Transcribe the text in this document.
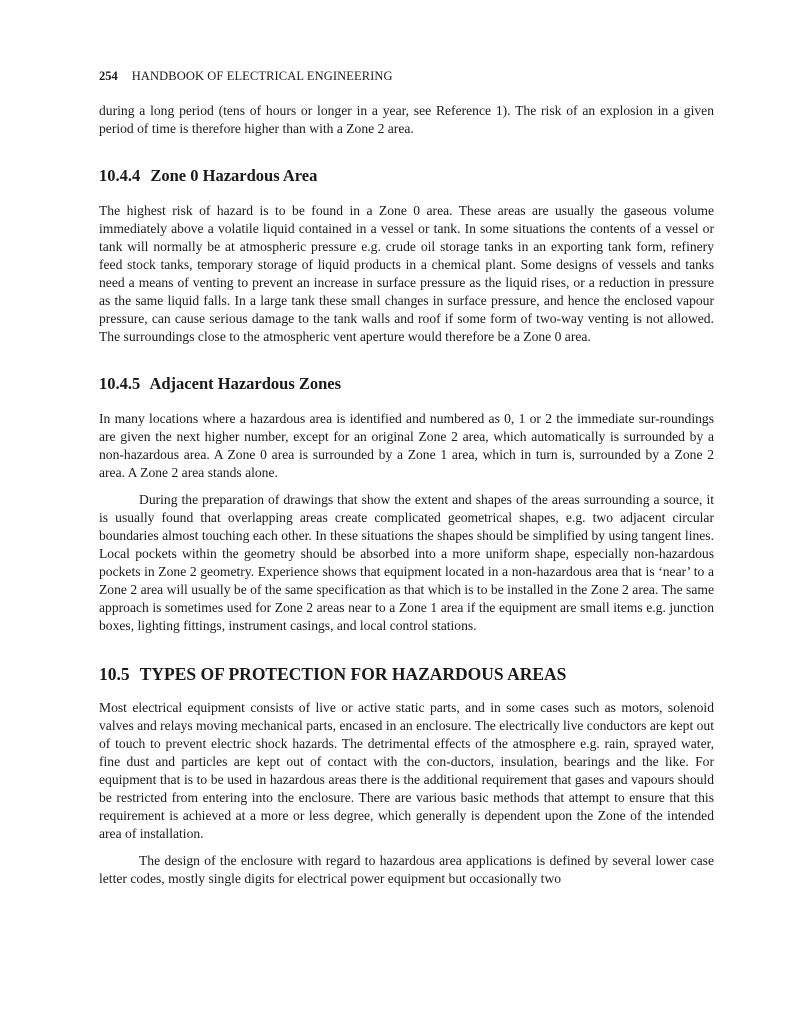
254 HANDBOOK OF ELECTRICAL ENGINEERING

during a long period (tens of hours or longer in a year, see Reference 1). The risk of an explosion in a given period of time is therefore higher than with a Zone 2 area.

10.4.4 Zone 0 Hazardous Area

The highest risk of hazard is to be found in a Zone 0 area. These areas are usually the gaseous volume immediately above a volatile liquid contained in a vessel or tank. In some situations the contents of a vessel or tank will normally be at atmospheric pressure e.g. crude oil storage tanks in an exporting tank form, refinery feed stock tanks, temporary storage of liquid products in a chemical plant. Some designs of vessels and tanks need a means of venting to prevent an increase in surface pressure as the liquid rises, or a reduction in pressure as the same liquid falls. In a large tank these small changes in surface pressure, and hence the enclosed vapour pressure, can cause serious damage to the tank walls and roof if some form of two-way venting is not allowed. The surroundings close to the atmospheric vent aperture would therefore be a Zone 0 area.

10.4.5 Adjacent Hazardous Zones

In many locations where a hazardous area is identified and numbered as 0, 1 or 2 the immediate sur-roundings are given the next higher number, except for an original Zone 2 area, which automatically is surrounded by a non-hazardous area. A Zone 0 area is surrounded by a Zone 1 area, which in turn is, surrounded by a Zone 2 area. A Zone 2 area stands alone.

During the preparation of drawings that show the extent and shapes of the areas surrounding a source, it is usually found that overlapping areas create complicated geometrical shapes, e.g. two adjacent circular boundaries almost touching each other. In these situations the shapes should be simplified by using tangent lines. Local pockets within the geometry should be absorbed into a more uniform shape, especially non-hazardous pockets in Zone 2 geometry. Experience shows that equipment located in a non-hazardous area that is ‘near’ to a Zone 2 area will usually be of the same specification as that which is to be installed in the Zone 2 area. The same approach is sometimes used for Zone 2 areas near to a Zone 1 area if the equipment are small items e.g. junction boxes, lighting fittings, instrument casings, and local control stations.

10.5 TYPES OF PROTECTION FOR HAZARDOUS AREAS

Most electrical equipment consists of live or active static parts, and in some cases such as motors, solenoid valves and relays moving mechanical parts, encased in an enclosure. The electrically live conductors are kept out of touch to prevent electric shock hazards. The detrimental effects of the atmosphere e.g. rain, sprayed water, fine dust and particles are kept out of contact with the con-ductors, insulation, bearings and the like. For equipment that is to be used in hazardous areas there is the additional requirement that gases and vapours should be restricted from entering into the enclosure. There are various basic methods that attempt to ensure that this requirement is achieved at a more or less degree, which generally is dependent upon the Zone of the intended area of installation.

The design of the enclosure with regard to hazardous area applications is defined by several lower case letter codes, mostly single digits for electrical power equipment but occasionally two
